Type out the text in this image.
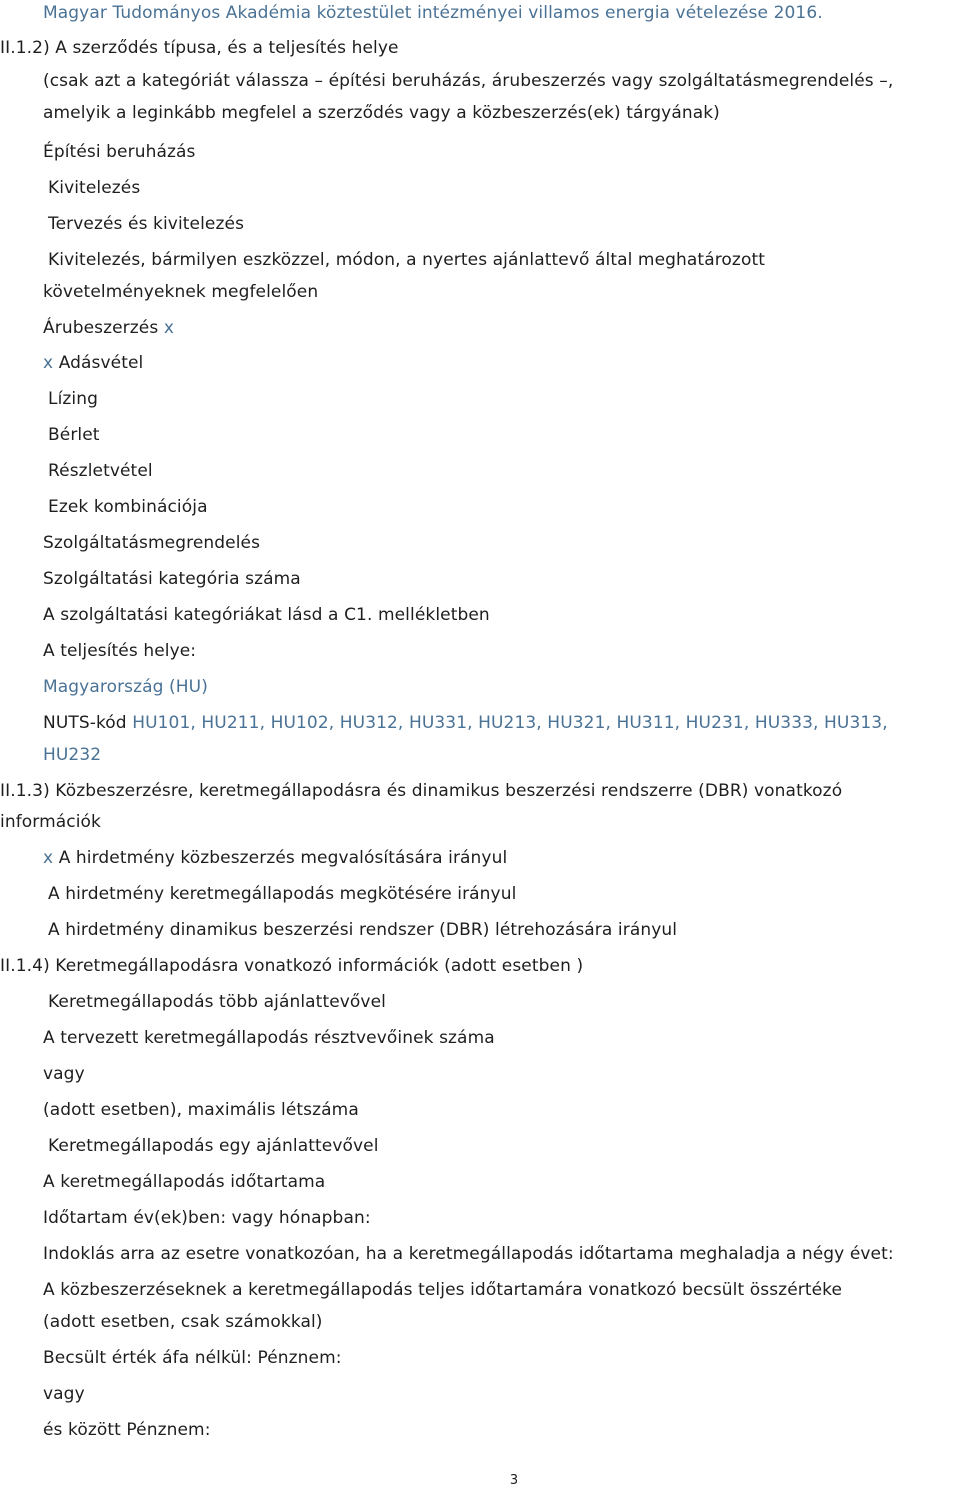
Magyar Tudományos Akadémia köztestület intézményei villamos energia vételezése 2016.
II.1.2) A szerződés típusa, és a teljesítés helye
(csak azt a kategóriát válassza – építési beruházás, árubeszerzés vagy szolgáltatásmegrendelés –,
amelyik a leginkább megfelel a szerződés vagy a közbeszerzés(ek) tárgyának)
Építési beruházás
Kivitelezés
Tervezés és kivitelezés
Kivitelezés, bármilyen eszközzel, módon, a nyertes ajánlattevő által meghatározott
követelményeknek megfelelően
Árubeszerzés x
x Adásvétel
Lízing
Bérlet
Részletvétel
Ezek kombinációja
Szolgáltatásmegrendelés
Szolgáltatási kategória száma
A szolgáltatási kategóriákat lásd a C1. mellékletben
A teljesítés helye:
Magyarország (HU)
NUTS-kód HU101, HU211, HU102, HU312, HU331, HU213, HU321, HU311, HU231, HU333, HU313,
HU232
II.1.3) Közbeszerzésre, keretmegállapodásra és dinamikus beszerzési rendszerre (DBR) vonatkozó
információk
x A hirdetmény közbeszerzés megvalósítására irányul
A hirdetmény keretmegállapodás megkötésére irányul
A hirdetmény dinamikus beszerzési rendszer (DBR) létrehozására irányul
II.1.4) Keretmegállapodásra vonatkozó információk (adott esetben )
Keretmegállapodás több ajánlattevővel
A tervezett keretmegállapodás résztvevőinek száma
vagy
(adott esetben), maximális létszáma
Keretmegállapodás egy ajánlattevővel
A keretmegállapodás időtartama
Időtartam év(ek)ben: vagy hónapban:
Indoklás arra az esetre vonatkozóan, ha a keretmegállapodás időtartama meghaladja a négy évet:
A közbeszerzéseknek a keretmegállapodás teljes időtartamára vonatkozó becsült összértéke
(adott esetben, csak számokkal)
Becsült érték áfa nélkül: Pénznem:
vagy
és között Pénznem:
3
